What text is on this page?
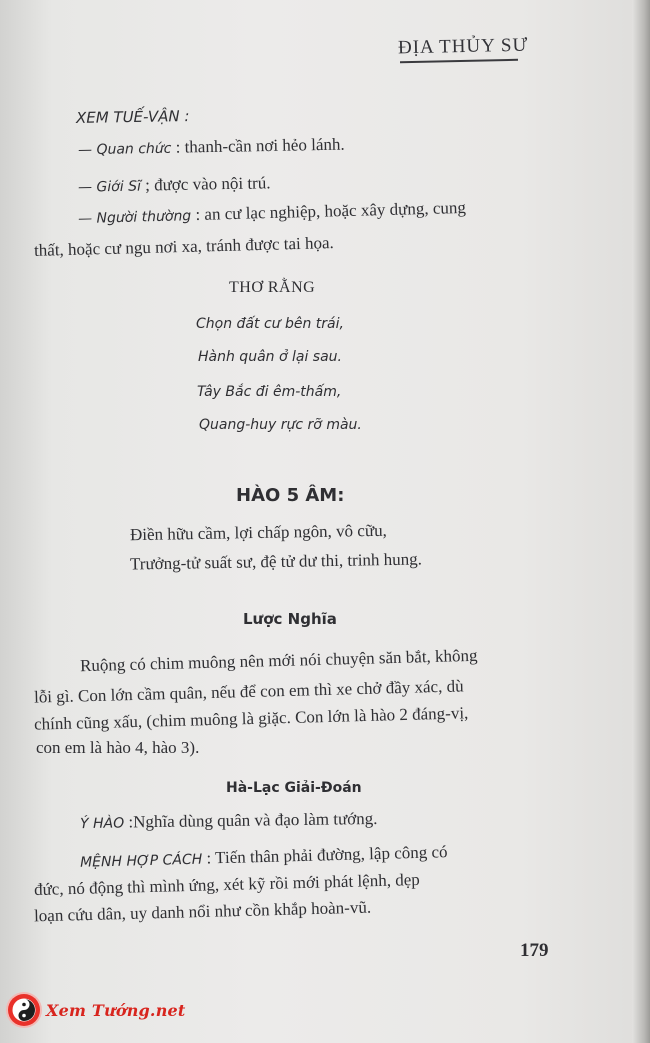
ĐỊA THỦY SƯ
XEM TUẾ-VẬN :
— Quan chức : thanh-cần nơi hẻo lánh.
— Giới Sĩ ; được vào nội trú.
— Người thường : an cư lạc nghiệp, hoặc xây dựng, cung
thất, hoặc cư ngu nơi xa, tránh được tai họa.
THƠ RẰNG
Chọn đất cư bên trái,
Hành quân ở lại sau.
Tây Bắc đi êm-thấm,
Quang-huy rực rỡ màu.
HÀO 5 ÂM:
Điền hữu cầm, lợi chấp ngôn, vô cữu,
Trưởng-tử suất sư, đệ tử dư thi, trinh hung.
Lược Nghĩa
Ruộng có chim muông nên mới nói chuyện săn bắt, không
lỗi gì. Con lớn cầm quân, nếu để con em thì xe chở đầy xác, dù
chính cũng xấu, (chim muông là giặc. Con lớn là hào 2 đáng-vị,
con em là hào 4, hào 3).
Hà-Lạc Giải-Đoán
Ý HÀO :Nghĩa dùng quân và đạo làm tướng.
MỆNH HỢP CÁCH : Tiến thân phải đường, lập công có
đức, nó động thì mình ứng, xét kỹ rồi mới phát lệnh, dẹp
loạn cứu dân, uy danh nổi như cồn khắp hoàn-vũ.
179
Xem Tướng.net
